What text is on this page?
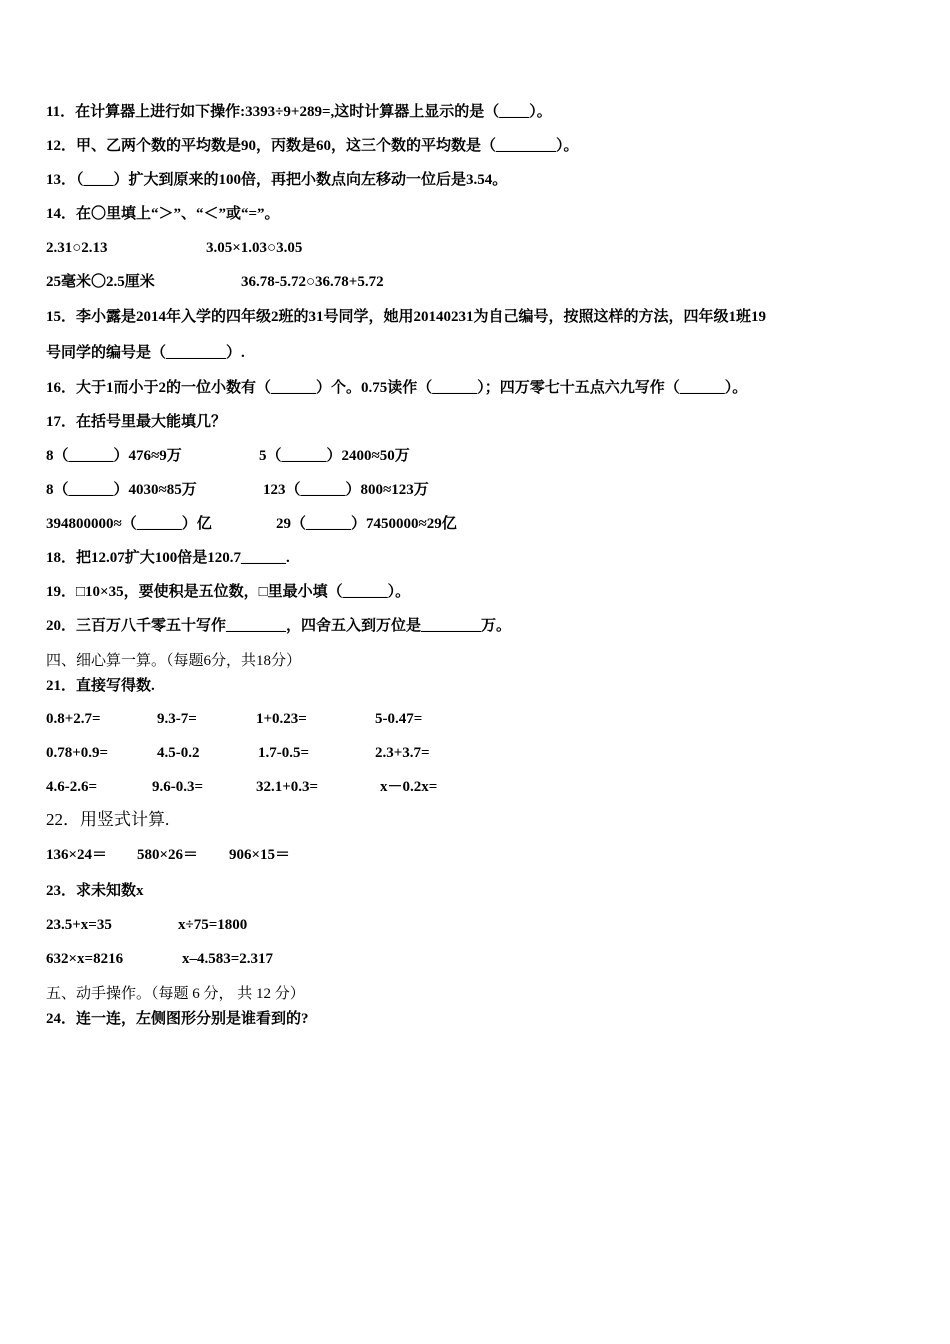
11．在计算器上进行如下操作:3393÷9+289=,这时计算器上显示的是（____）。
12．甲、乙两个数的平均数是90，丙数是60，这三个数的平均数是（________）。
13．（____）扩大到原来的100倍，再把小数点向左移动一位后是3.54。
14．在〇里填上“＞”、“＜”或“=”。
2.31○2.13	3.05×1.03○3.05
25毫米〇2.5厘米	36.78-5.72○36.78+5.72
15．李小露是2014年入学的四年级2班的31号同学，她用20140231为自己编号，按照这样的方法，四年级1班19
号同学的编号是（________）.
16．大于1而小于2的一位小数有（______）个。0.75读作（______）；四万零七十五点六九写作（______）。
17．在括号里最大能填几？
8（______）476≈9万	5（______）2400≈50万
8（______）4030≈85万	123（______）800≈123万
394800000≈（______）亿	29（______）7450000≈29亿
18．把12.07扩大100倍是120.7______.
19．□10×35，要使积是五位数，□里最小填（______）。
20．三百万八千零五十写作________，四舍五入到万位是________万。
四、细心算一算。（每题6分，共18分）
21．直接写得数.
0.8+2.7=	9.3-7=	1+0.23=	5-0.47=
0.78+0.9=	4.5-0.2	1.7-0.5=	2.3+3.7=
4.6-2.6=	9.6-0.3=	32.1+0.3=	x－0.2x=
22．用竖式计算.
136×24＝ 580×26＝ 906×15＝
23．求未知数x
23.5+x=35	x÷75=1800
632×x=8216	x–4.583=2.317
五、动手操作。（每题 6 分， 共 12 分）
24．连一连，左侧图形分别是谁看到的?
